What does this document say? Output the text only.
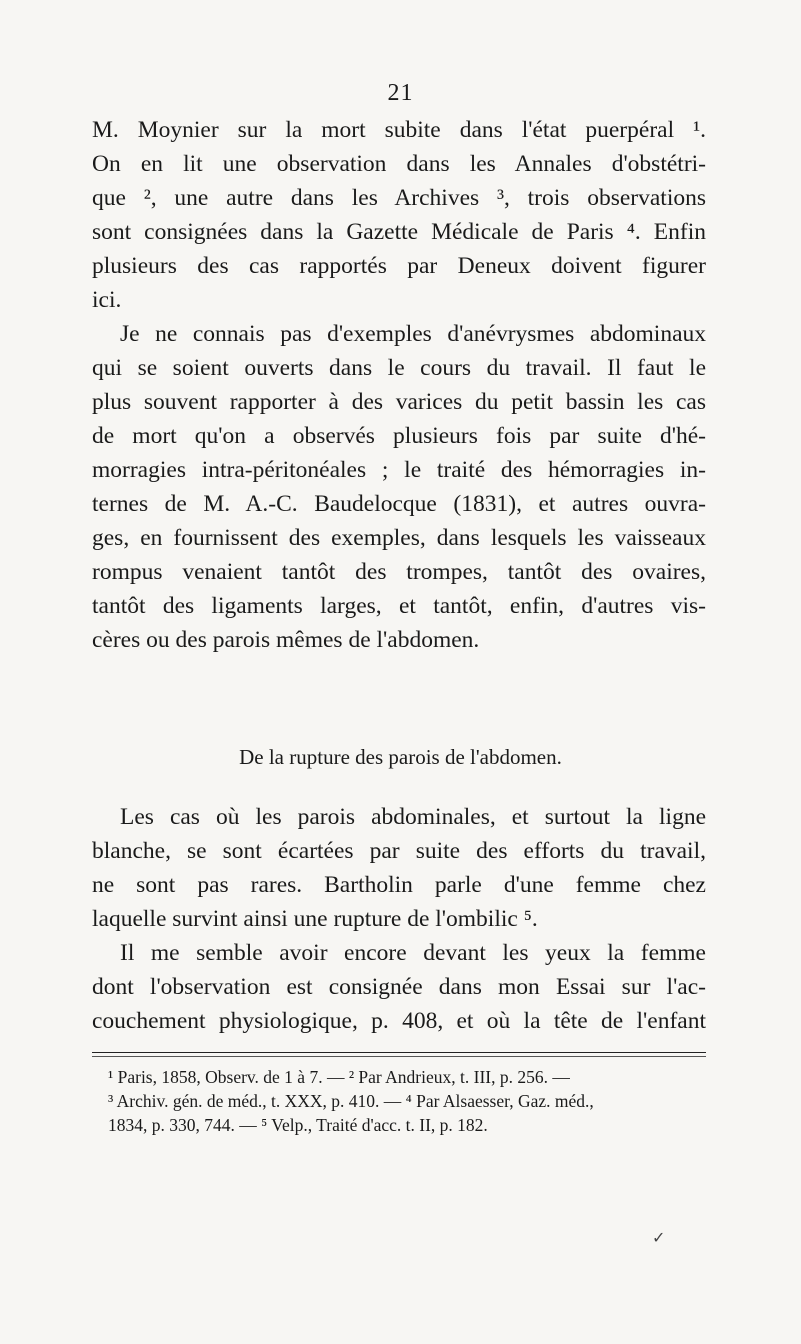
21
M. Moynier sur la mort subite dans l'état puerpéral ¹.
On en lit une observation dans les Annales d'obstétri-
que ², une autre dans les Archives ³, trois observations
sont consignées dans la Gazette Médicale de Paris ⁴. Enfin
plusieurs des cas rapportés par Deneux doivent figurer
ici.
Je ne connais pas d'exemples d'anévrysmes abdominaux
qui se soient ouverts dans le cours du travail. Il faut le
plus souvent rapporter à des varices du petit bassin les cas
de mort qu'on a observés plusieurs fois par suite d'hé-
morragies intra-péritonéales ; le traité des hémorragies in-
ternes de M. A.-C. Baudelocque (1831), et autres ouvra-
ges, en fournissent des exemples, dans lesquels les vaisseaux
rompus venaient tantôt des trompes, tantôt des ovaires,
tantôt des ligaments larges, et tantôt, enfin, d'autres vis-
cères ou des parois mêmes de l'abdomen.
De la rupture des parois de l'abdomen.
Les cas où les parois abdominales, et surtout la ligne
blanche, se sont écartées par suite des efforts du travail,
ne sont pas rares. Bartholin parle d'une femme chez
laquelle survint ainsi une rupture de l'ombilic ⁵.
Il me semble avoir encore devant les yeux la femme
dont l'observation est consignée dans mon Essai sur l'ac-
couchement physiologique, p. 408, et où la tête de l'enfant
¹ Paris, 1858, Observ. de 1 à 7. — ² Par Andrieux, t. III, p. 256. —
³ Archiv. gén. de méd., t. XXX, p. 410. — ⁴ Par Alsaesser, Gaz. méd.,
1834, p. 330, 744. — ⁵ Velp., Traité d'acc. t. II, p. 182.
✓
